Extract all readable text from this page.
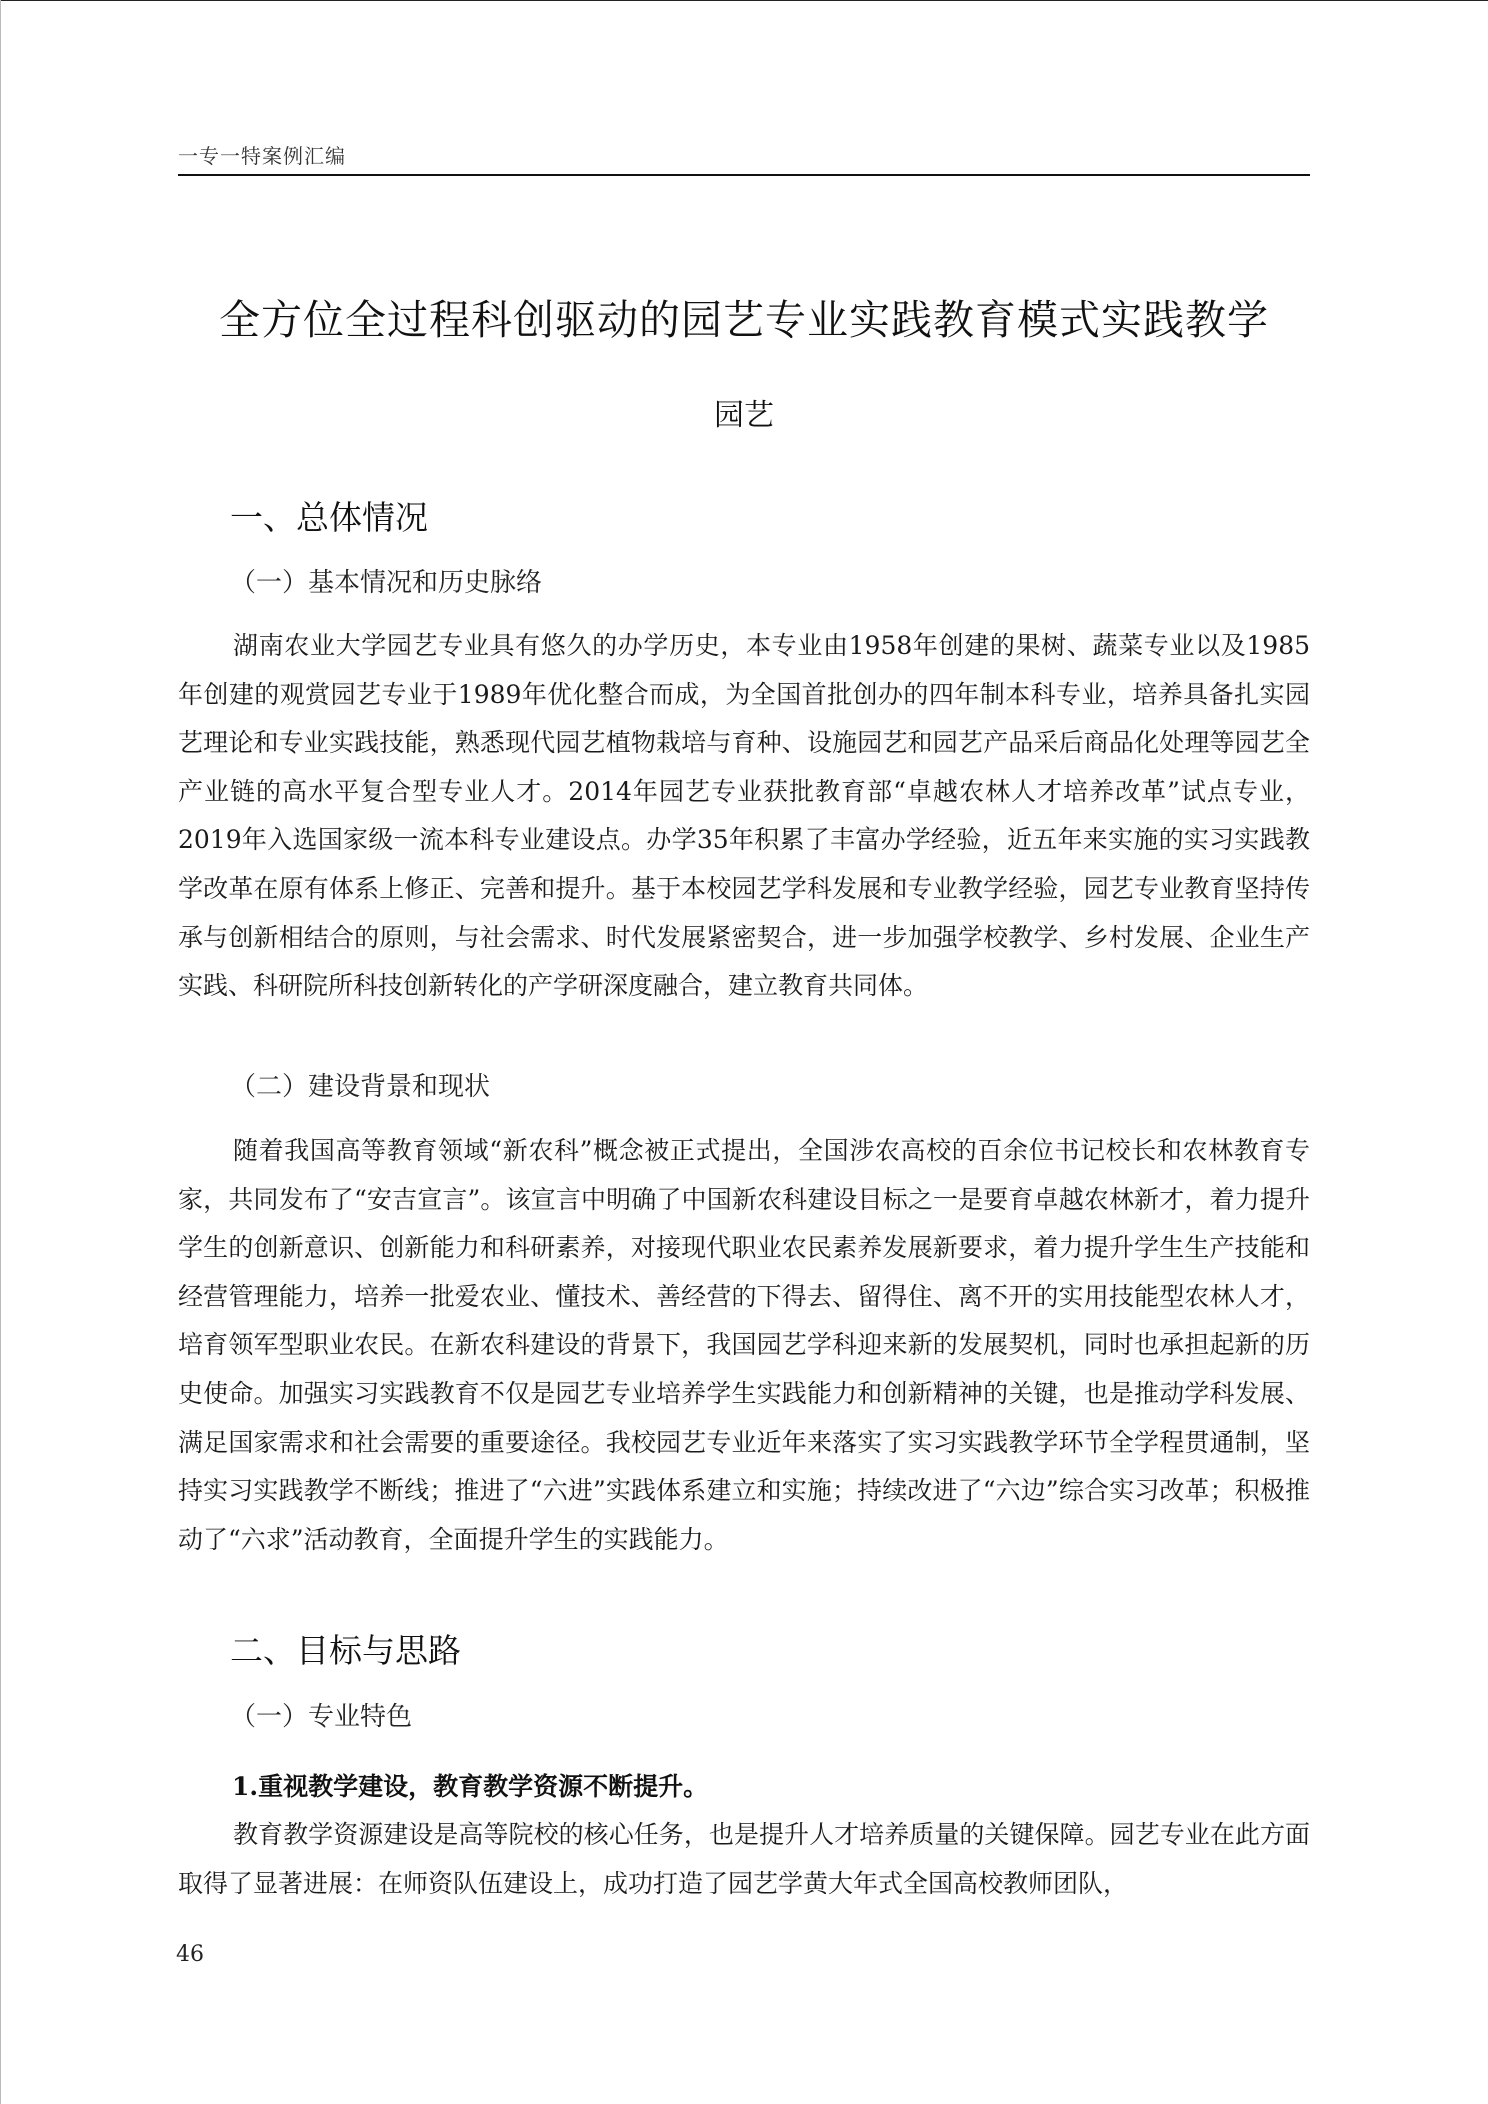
一专一特案例汇编
全方位全过程科创驱动的园艺专业实践教育模式实践教学
园艺
一、总体情况
（一）基本情况和历史脉络

湖南农业大学园艺专业具有悠久的办学历史，本专业由1958年创建的果树、蔬菜专业以及1985年创建的观赏园艺专业于1989年优化整合而成，为全国首批创办的四年制本科专业，培养具备扎实园艺理论和专业实践技能，熟悉现代园艺植物栽培与育种、设施园艺和园艺产品采后商品化处理等园艺全产业链的高水平复合型专业人才。2014年园艺专业获批教育部“卓越农林人才培养改革”试点专业，2019年入选国家级一流本科专业建设点。办学35年积累了丰富办学经验，近五年来实施的实习实践教学改革在原有体系上修正、完善和提升。基于本校园艺学科发展和专业教学经验，园艺专业教育坚持传承与创新相结合的原则，与社会需求、时代发展紧密契合，进一步加强学校教学、乡村发展、企业生产实践、科研院所科技创新转化的产学研深度融合，建立教育共同体。

（二）建设背景和现状

随着我国高等教育领域“新农科”概念被正式提出，全国涉农高校的百余位书记校长和农林教育专家，共同发布了“安吉宣言”。该宣言中明确了中国新农科建设目标之一是要育卓越农林新才，着力提升学生的创新意识、创新能力和科研素养，对接现代职业农民素养发展新要求，着力提升学生生产技能和经营管理能力，培养一批爱农业、懂技术、善经营的下得去、留得住、离不开的实用技能型农林人才，培育领军型职业农民。在新农科建设的背景下，我国园艺学科迎来新的发展契机，同时也承担起新的历史使命。加强实习实践教育不仅是园艺专业培养学生实践能力和创新精神的关键，也是推动学科发展、满足国家需求和社会需要的重要途径。我校园艺专业近年来落实了实习实践教学环节全学程贯通制，坚持实习实践教学不断线；推进了“六进”实践体系建立和实施；持续改进了“六边”综合实习改革；积极推动了“六求”活动教育，全面提升学生的实践能力。

二、目标与思路
（一）专业特色
1.重视教学建设，教育教学资源不断提升。

教育教学资源建设是高等院校的核心任务，也是提升人才培养质量的关键保障。园艺专业在此方面取得了显著进展：在师资队伍建设上，成功打造了园艺学黄大年式全国高校教师团队，

46
